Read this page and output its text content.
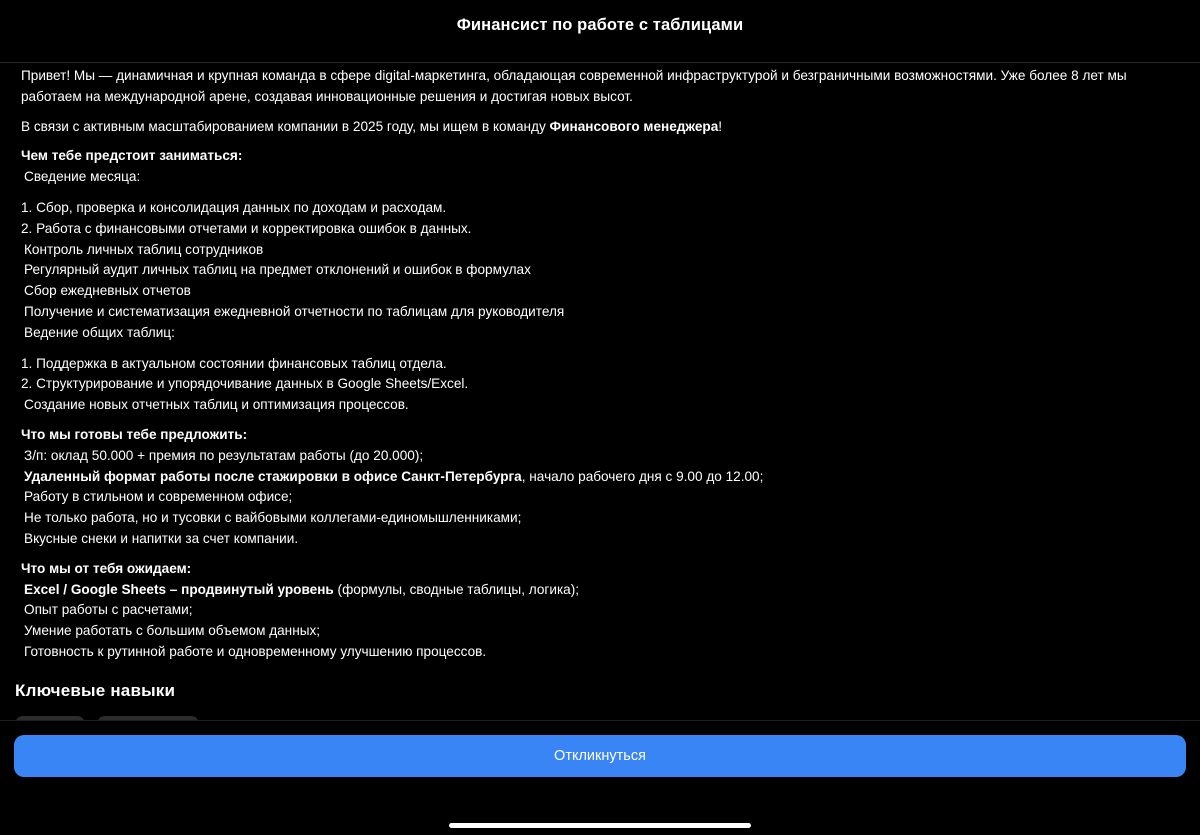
Финансист по работе с таблицами

Привет! Мы — динамичная и крупная команда в сфере digital-маркетинга, обладающая современной инфраструктурой и безграничными возможностями. Уже более 8 лет мы работаем на международной арене, создавая инновационные решения и достигая новых высот.

В связи с активным масштабированием компании в 2025 году, мы ищем в команду Финансового менеджера!

Чем тебе предстоит заниматься:
Сведение месяца:
1. Сбор, проверка и консолидация данных по доходам и расходам.
2. Работа с финансовыми отчетами и корректировка ошибок в данных.
Контроль личных таблиц сотрудников
Регулярный аудит личных таблиц на предмет отклонений и ошибок в формулах
Сбор ежедневных отчетов
Получение и систематизация ежедневной отчетности по таблицам для руководителя
Ведение общих таблиц:
1. Поддержка в актуальном состоянии финансовых таблиц отдела.
2. Структурирование и упорядочивание данных в Google Sheets/Excel.
Создание новых отчетных таблиц и оптимизация процессов.
Что мы готовы тебе предложить:
З/п: оклад 50.000 + премия по результатам работы (до 20.000);
Удаленный формат работы после стажировки в офисе Санкт-Петербурга, начало рабочего дня с 9.00 до 12.00;
Работу в стильном и современном офисе;
Не только работа, но и тусовки с вайбовыми коллегами-единомышленниками;
Вкусные снеки и напитки за счет компании.
Что мы от тебя ожидаем:
Excel / Google Sheets – продвинутый уровень (формулы, сводные таблицы, логика);
Опыт работы с расчетами;
Умение работать с большим объемом данных;
Готовность к рутинной работе и одновременному улучшению процессов.
Ключевые навыки
Откликнуться
